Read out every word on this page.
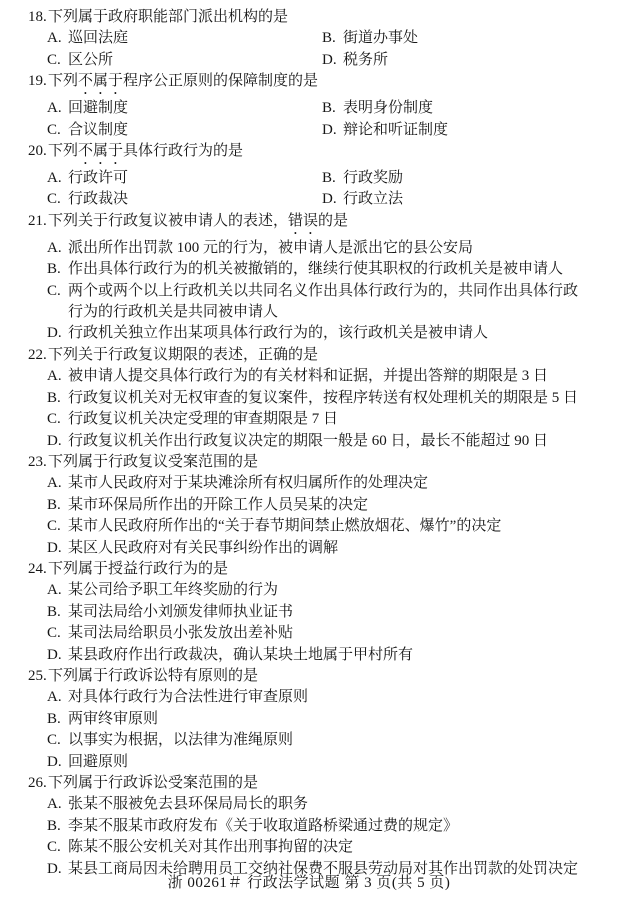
18. 下列属于政府职能部门派出机构的是
A. 巡回法庭	B. 街道办事处
C. 区公所	D. 税务所
19. 下列不属于程序公正原则的保障制度的是
A. 回避制度	B. 表明身份制度
C. 合议制度	D. 辩论和听证制度
20. 下列不属于具体行政行为的是
A. 行政许可	B. 行政奖励
C. 行政裁决	D. 行政立法
21. 下列关于行政复议被申请人的表述，错误的是
A. 派出所作出罚款 100 元的行为，被申请人是派出它的县公安局
B. 作出具体行政行为的机关被撤销的，继续行使其职权的行政机关是被申请人
C. 两个或两个以上行政机关以共同名义作出具体行政行为的，共同作出具体行政行为的行政机关是共同被申请人
D. 行政机关独立作出某项具体行政行为的，该行政机关是被申请人
22. 下列关于行政复议期限的表述，正确的是
A. 被申请人提交具体行政行为的有关材料和证据，并提出答辩的期限是 3 日
B. 行政复议机关对无权审查的复议案件，按程序转送有权处理机关的期限是 5 日
C. 行政复议机关决定受理的审查期限是 7 日
D. 行政复议机关作出行政复议决定的期限一般是 60 日，最长不能超过 90 日
23. 下列属于行政复议受案范围的是
A. 某市人民政府对于某块滩涂所有权归属所作的处理决定
B. 某市环保局所作出的开除工作人员吴某的决定
C. 某市人民政府所作出的“关于春节期间禁止燃放烟花、爆竹”的决定
D. 某区人民政府对有关民事纠纷作出的调解
24. 下列属于授益行政行为的是
A. 某公司给予职工年终奖励的行为
B. 某司法局给小刘颁发律师执业证书
C. 某司法局给职员小张发放出差补贴
D. 某县政府作出行政裁决，确认某块土地属于甲村所有
25. 下列属于行政诉讼特有原则的是
A. 对具体行政行为合法性进行审查原则
B. 两审终审原则
C. 以事实为根据，以法律为准绳原则
D. 回避原则
26. 下列属于行政诉讼受案范围的是
A. 张某不服被免去县环保局局长的职务
B. 李某不服某市政府发布《关于收取道路桥梁通过费的规定》
C. 陈某不服公安机关对其作出刑事拘留的决定
D. 某县工商局因未给聘用员工交纳社保费不服县劳动局对其作出罚款的处罚决定
浙 00261＃ 行政法学试题 第 3 页(共 5 页)
